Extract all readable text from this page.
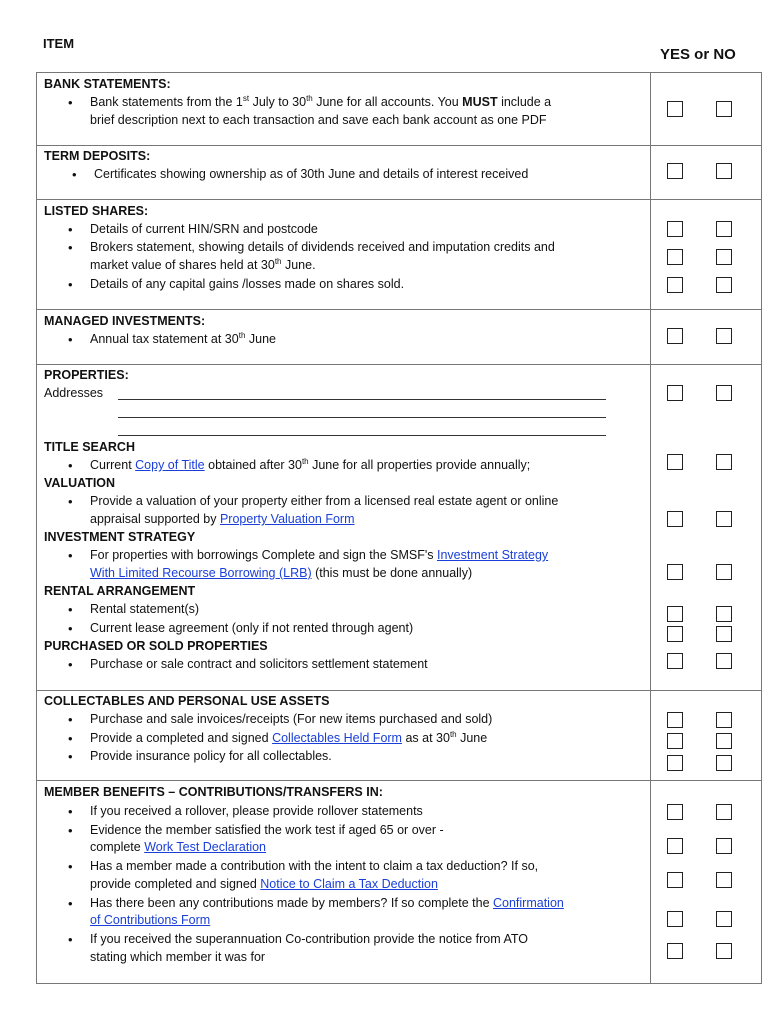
ITEM
YES or NO
BANK STATEMENTS:
• Bank statements from the 1st July to 30th June for all accounts. You MUST include a
brief description next to each transaction and save each bank account as one PDF
TERM DEPOSITS:
• Certificates showing ownership as of 30th June and details of interest received
LISTED SHARES:
• Details of current HIN/SRN and postcode
• Brokers statement, showing details of dividends received and imputation credits and
market value of shares held at 30th June.
• Details of any capital gains /losses made on shares sold.
MANAGED INVESTMENTS:
• Annual tax statement at 30th June
PROPERTIES:
Addresses
TITLE SEARCH
• Current Copy of Title obtained after 30th June for all properties provide annually;
VALUATION
• Provide a valuation of your property either from a licensed real estate agent or online
appraisal supported by Property Valuation Form
INVESTMENT STRATEGY
• For properties with borrowings Complete and sign the SMSF's Investment Strategy
With Limited Recourse Borrowing (LRB) (this must be done annually)
RENTAL ARRANGEMENT
• Rental statement(s)
• Current lease agreement (only if not rented through agent)
PURCHASED OR SOLD PROPERTIES
• Purchase or sale contract and solicitors settlement statement
COLLECTABLES AND PERSONAL USE ASSETS
• Purchase and sale invoices/receipts (For new items purchased and sold)
• Provide a completed and signed Collectables Held Form as at 30th June
• Provide insurance policy for all collectables.
MEMBER BENEFITS – CONTRIBUTIONS/TRANSFERS IN:
• If you received a rollover, please provide rollover statements
• Evidence the member satisfied the work test if aged 65 or over -
complete Work Test Declaration
• Has a member made a contribution with the intent to claim a tax deduction? If so,
provide completed and signed Notice to Claim a Tax Deduction
• Has there been any contributions made by members? If so complete the Confirmation
of Contributions Form
• If you received the superannuation Co-contribution provide the notice from ATO
stating which member it was for
